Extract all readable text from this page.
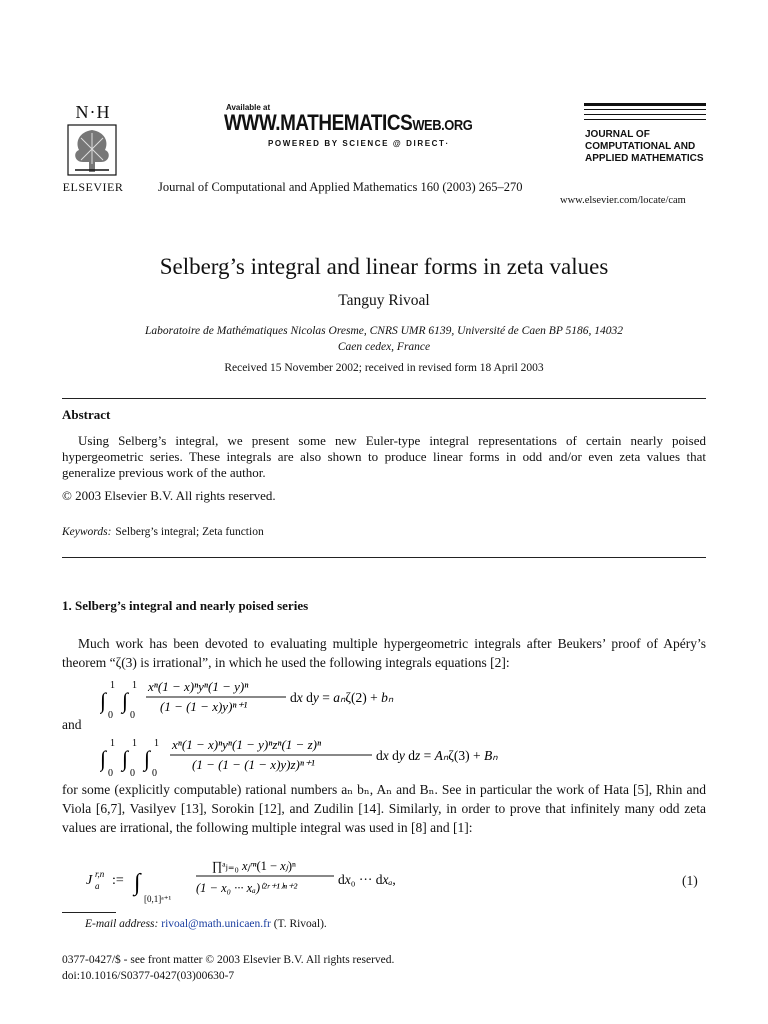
N·H
ELSEVIER
Available at
WWW.MATHEMATICSWEB.ORG
POWERED BY SCIENCE @ DIRECT·
Journal of Computational and Applied Mathematics 160 (2003) 265–270
JOURNAL OF
COMPUTATIONAL AND
APPLIED MATHEMATICS
www.elsevier.com/locate/cam
Selberg’s integral and linear forms in zeta values
Tanguy Rivoal
Laboratoire de Mathématiques Nicolas Oresme, CNRS UMR 6139, Université de Caen BP 5186, 14032
Caen cedex, France
Received 15 November 2002; received in revised form 18 April 2003
Abstract
Using Selberg’s integral, we present some new Euler-type integral representations of certain nearly poised hypergeometric series. These integrals are also shown to produce linear forms in odd and/or even zeta values that generalize previous work of the author.
© 2003 Elsevier B.V. All rights reserved.
Keywords: Selberg’s integral; Zeta function
1. Selberg’s integral and nearly poised series
Much work has been devoted to evaluating multiple hypergeometric integrals after Beukers’ proof of Apéry’s theorem “ζ(3) is irrational”, in which he used the following integrals equations [2]:
∫
1
0
∫
1
0
xⁿ(1 − x)ⁿyⁿ(1 − y)ⁿ
(1 − (1 − x)y)ⁿ⁺¹
dx dy = aₙζ(2) + bₙ
and
∫
1
0
∫
1
0
∫
1
0
xⁿ(1 − x)ⁿyⁿ(1 − y)ⁿzⁿ(1 − z)ⁿ
(1 − (1 − (1 − x)y)z)ⁿ⁺¹
dx dy dz = Aₙζ(3) + Bₙ
for some (explicitly computable) rational numbers aₙ bₙ, Aₙ and Bₙ. See in particular the work of Hata [5], Rhin and Viola [6,7], Vasilyev [13], Sorokin [12], and Zudilin [14]. Similarly, in order to prove that infinitely many odd zeta values are irrational, the following multiple integral was used in [8] and [1]:
J r,n
a := ∫
[0,1]ᵃ⁺¹
∏ᵃⱼ₌₀ xⱼʳⁿ(1 − xⱼ)ⁿ
(1 − x₀ ··· xₐ)⁽²ʳ⁺¹⁾ⁿ⁺²
dx₀ ··· dxₐ,	(1)
E-mail address: rivoal@math.unicaen.fr (T. Rivoal).
0377-0427/$ - see front matter © 2003 Elsevier B.V. All rights reserved.
doi:10.1016/S0377-0427(03)00630-7
